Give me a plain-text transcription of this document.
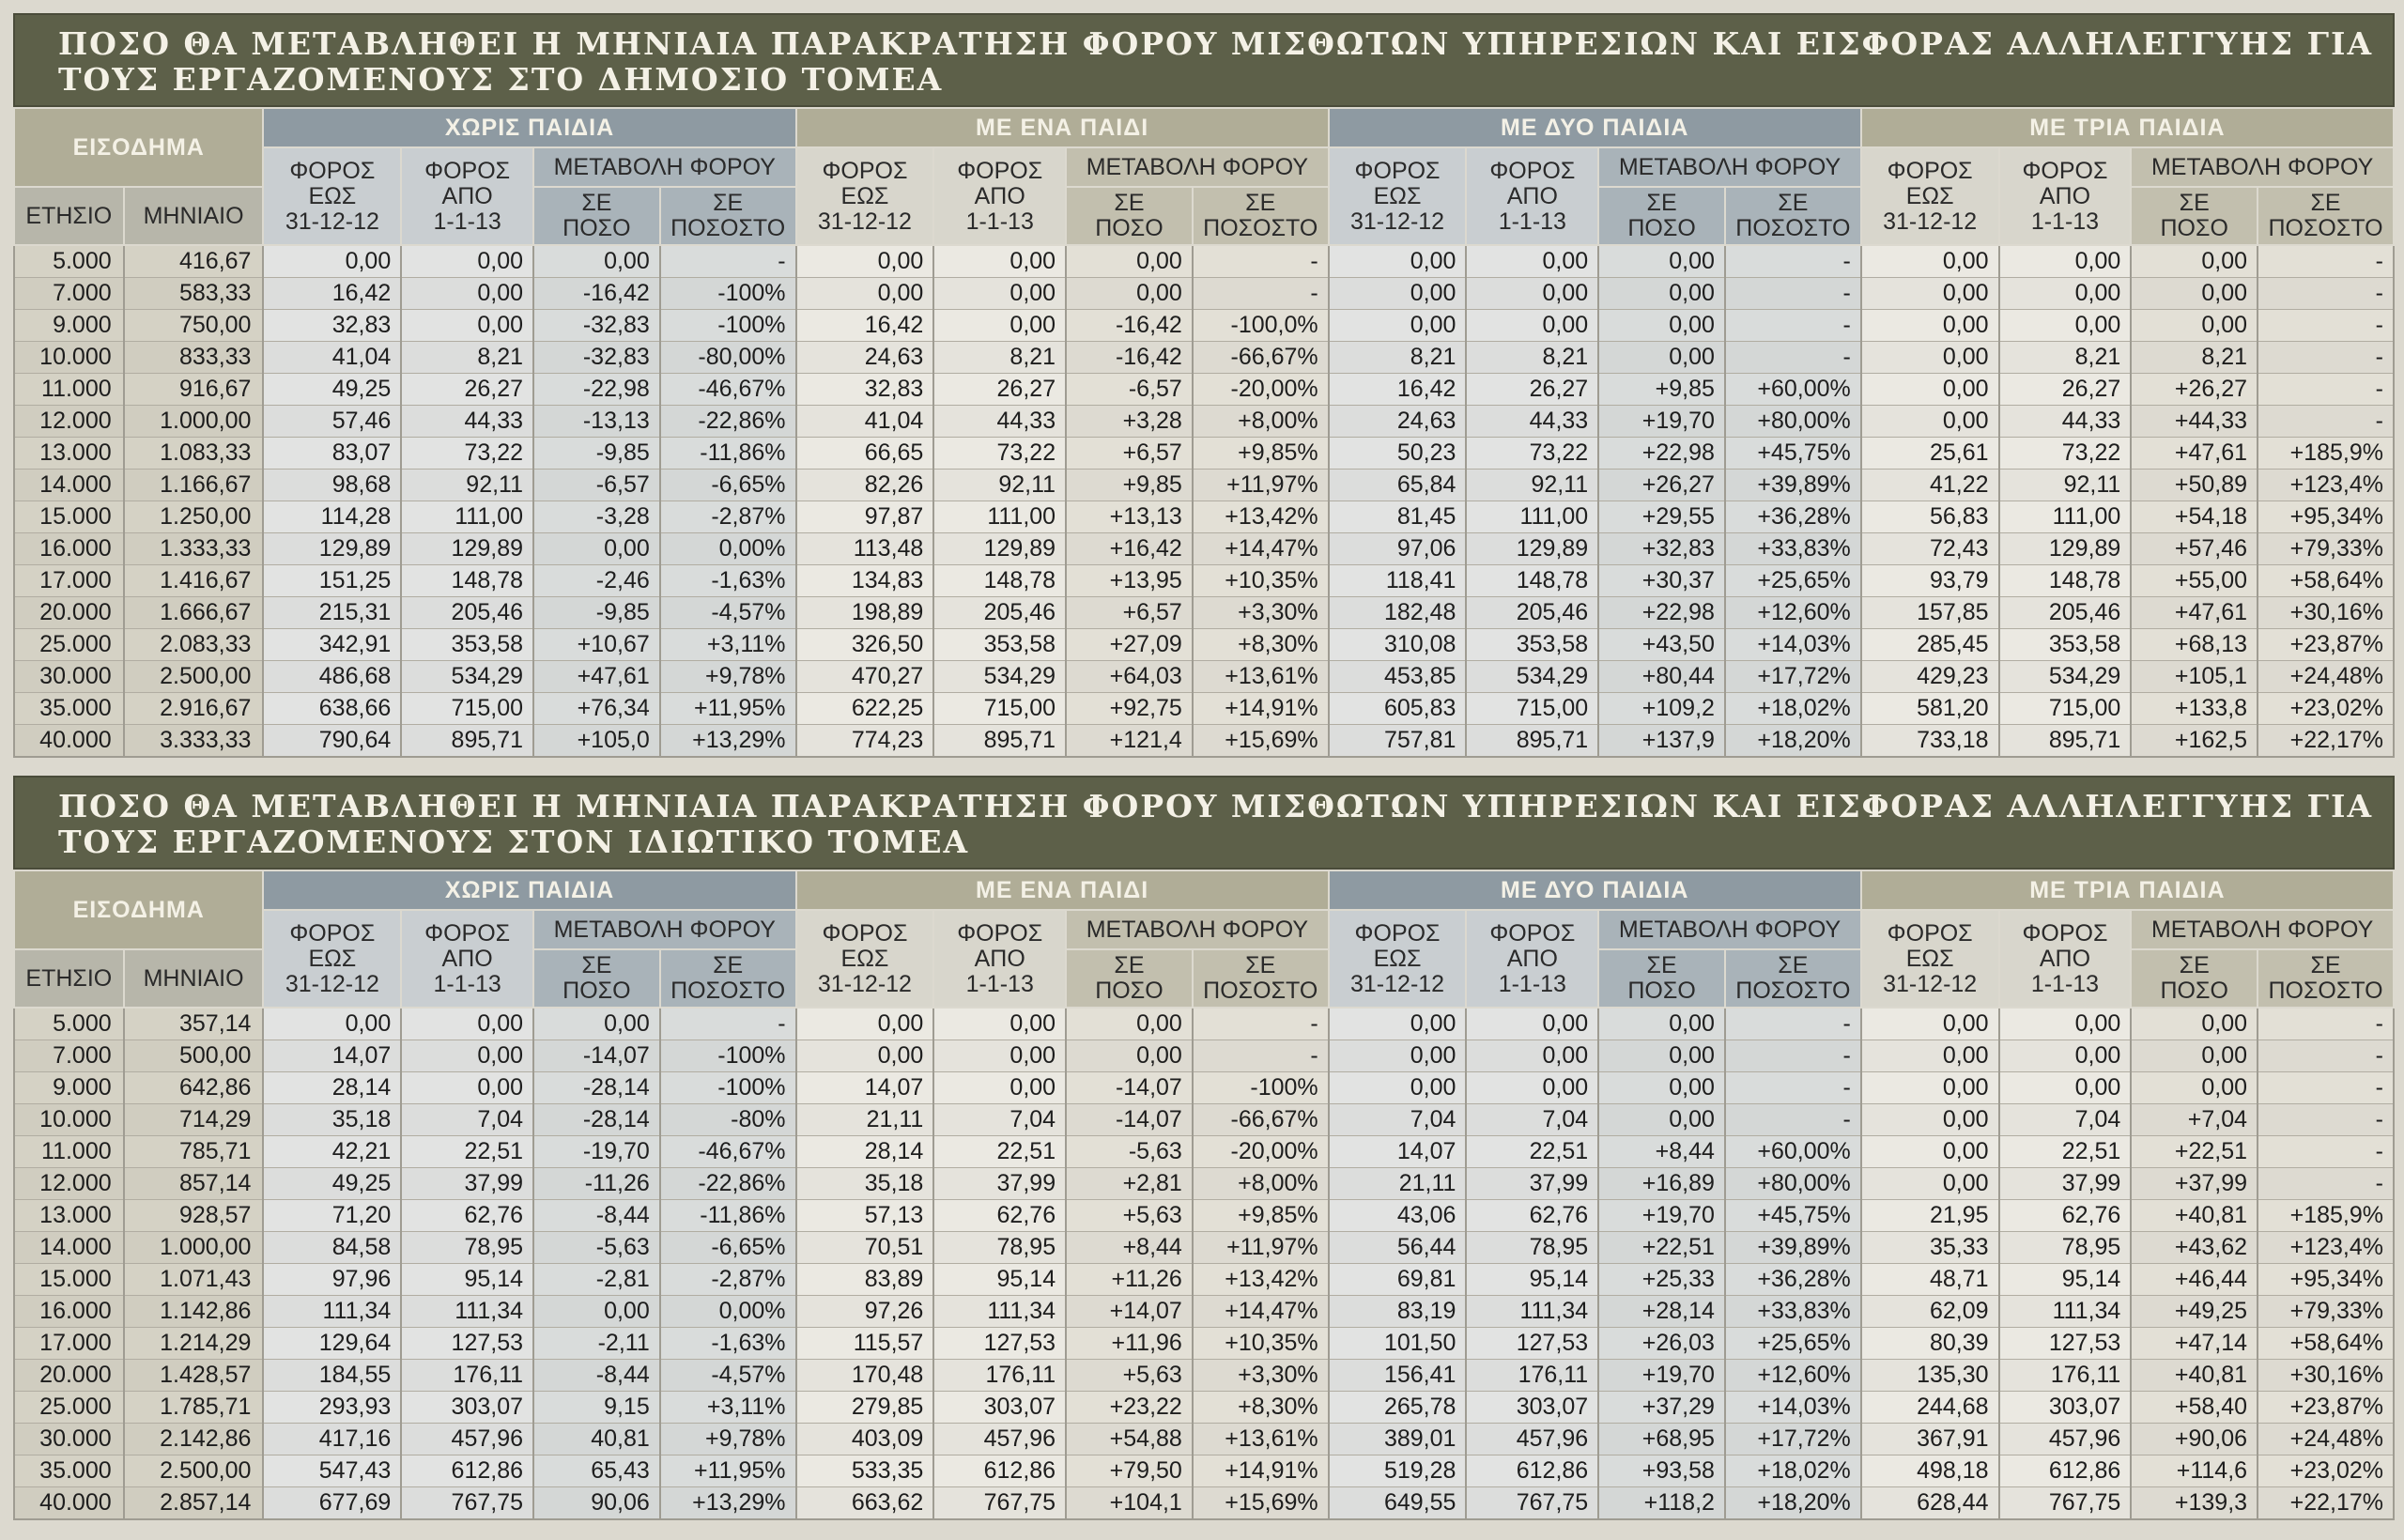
ΠΟΣΟ ΘΑ ΜΕΤΑΒΛΗΘΕΙ Η ΜΗΝΙΑΙΑ ΠΑΡΑΚΡΑΤΗΣΗ ΦΟΡΟΥ ΜΙΣΘΩΤΩΝ ΥΠΗΡΕΣΙΩΝ ΚΑΙ ΕΙΣΦΟΡΑΣ ΑΛΛΗΛΕΓΓΥΗΣ ΓΙΑ ΤΟΥΣ ΕΡΓΑΖΟΜΕΝΟΥΣ ΣΤΟ ΔΗΜΟΣΙΟ ΤΟΜΕΑ
ΕΙΣΟΔΗΜΑ		ΧΩΡΙΣ ΠΑΙΔΙΑ				ΜΕ ΕΝΑ ΠΑΙΔΙ				ΜΕ ΔΥΟ ΠΑΙΔΙΑ				ΜΕ ΤΡΙΑ ΠΑΙΔΙΑ			
		ΦΟΡΟΣ
ΕΩΣ
31-12-12	ΦΟΡΟΣ
ΑΠΟ
1-1-13	ΜΕΤΑΒΟΛΗ ΦΟΡΟΥ		ΦΟΡΟΣ
ΕΩΣ
31-12-12	ΦΟΡΟΣ
ΑΠΟ
1-1-13	ΜΕΤΑΒΟΛΗ ΦΟΡΟΥ		ΦΟΡΟΣ
ΕΩΣ
31-12-12	ΦΟΡΟΣ
ΑΠΟ
1-1-13	ΜΕΤΑΒΟΛΗ ΦΟΡΟΥ		ΦΟΡΟΣ
ΕΩΣ
31-12-12	ΦΟΡΟΣ
ΑΠΟ
1-1-13	ΜΕΤΑΒΟΛΗ ΦΟΡΟΥ	
ΕΤΗΣΙΟ	ΜΗΝΙΑΙΟ			ΣΕ
ΠΟΣΟ	ΣΕ
ΠΟΣΟΣΤΟ			ΣΕ
ΠΟΣΟ	ΣΕ
ΠΟΣΟΣΤΟ			ΣΕ
ΠΟΣΟ	ΣΕ
ΠΟΣΟΣΤΟ			ΣΕ
ΠΟΣΟ	ΣΕ
ΠΟΣΟΣΤΟ
5.000	416,67	0,00	0,00	0,00	-	0,00	0,00	0,00	-	0,00	0,00	0,00	-	0,00	0,00	0,00	-
7.000	583,33	16,42	0,00	-16,42	-100%	0,00	0,00	0,00	-	0,00	0,00	0,00	-	0,00	0,00	0,00	-
9.000	750,00	32,83	0,00	-32,83	-100%	16,42	0,00	-16,42	-100,0%	0,00	0,00	0,00	-	0,00	0,00	0,00	-
10.000	833,33	41,04	8,21	-32,83	-80,00%	24,63	8,21	-16,42	-66,67%	8,21	8,21	0,00	-	0,00	8,21	8,21	-
11.000	916,67	49,25	26,27	-22,98	-46,67%	32,83	26,27	-6,57	-20,00%	16,42	26,27	+9,85	+60,00%	0,00	26,27	+26,27	-
12.000	1.000,00	57,46	44,33	-13,13	-22,86%	41,04	44,33	+3,28	+8,00%	24,63	44,33	+19,70	+80,00%	0,00	44,33	+44,33	-
13.000	1.083,33	83,07	73,22	-9,85	-11,86%	66,65	73,22	+6,57	+9,85%	50,23	73,22	+22,98	+45,75%	25,61	73,22	+47,61	+185,9%
14.000	1.166,67	98,68	92,11	-6,57	-6,65%	82,26	92,11	+9,85	+11,97%	65,84	92,11	+26,27	+39,89%	41,22	92,11	+50,89	+123,4%
15.000	1.250,00	114,28	111,00	-3,28	-2,87%	97,87	111,00	+13,13	+13,42%	81,45	111,00	+29,55	+36,28%	56,83	111,00	+54,18	+95,34%
16.000	1.333,33	129,89	129,89	0,00	0,00%	113,48	129,89	+16,42	+14,47%	97,06	129,89	+32,83	+33,83%	72,43	129,89	+57,46	+79,33%
17.000	1.416,67	151,25	148,78	-2,46	-1,63%	134,83	148,78	+13,95	+10,35%	118,41	148,78	+30,37	+25,65%	93,79	148,78	+55,00	+58,64%
20.000	1.666,67	215,31	205,46	-9,85	-4,57%	198,89	205,46	+6,57	+3,30%	182,48	205,46	+22,98	+12,60%	157,85	205,46	+47,61	+30,16%
25.000	2.083,33	342,91	353,58	+10,67	+3,11%	326,50	353,58	+27,09	+8,30%	310,08	353,58	+43,50	+14,03%	285,45	353,58	+68,13	+23,87%
30.000	2.500,00	486,68	534,29	+47,61	+9,78%	470,27	534,29	+64,03	+13,61%	453,85	534,29	+80,44	+17,72%	429,23	534,29	+105,1	+24,48%
35.000	2.916,67	638,66	715,00	+76,34	+11,95%	622,25	715,00	+92,75	+14,91%	605,83	715,00	+109,2	+18,02%	581,20	715,00	+133,8	+23,02%
40.000	3.333,33	790,64	895,71	+105,0	+13,29%	774,23	895,71	+121,4	+15,69%	757,81	895,71	+137,9	+18,20%	733,18	895,71	+162,5	+22,17%
ΠΟΣΟ ΘΑ ΜΕΤΑΒΛΗΘΕΙ Η ΜΗΝΙΑΙΑ ΠΑΡΑΚΡΑΤΗΣΗ ΦΟΡΟΥ ΜΙΣΘΩΤΩΝ ΥΠΗΡΕΣΙΩΝ ΚΑΙ ΕΙΣΦΟΡΑΣ ΑΛΛΗΛΕΓΓΥΗΣ ΓΙΑ ΤΟΥΣ ΕΡΓΑΖΟΜΕΝΟΥΣ ΣΤΟΝ ΙΔΙΩΤΙΚΟ ΤΟΜΕΑ
ΕΙΣΟΔΗΜΑ		ΧΩΡΙΣ ΠΑΙΔΙΑ				ΜΕ ΕΝΑ ΠΑΙΔΙ				ΜΕ ΔΥΟ ΠΑΙΔΙΑ				ΜΕ ΤΡΙΑ ΠΑΙΔΙΑ			
		ΦΟΡΟΣ
ΕΩΣ
31-12-12	ΦΟΡΟΣ
ΑΠΟ
1-1-13	ΜΕΤΑΒΟΛΗ ΦΟΡΟΥ		ΦΟΡΟΣ
ΕΩΣ
31-12-12	ΦΟΡΟΣ
ΑΠΟ
1-1-13	ΜΕΤΑΒΟΛΗ ΦΟΡΟΥ		ΦΟΡΟΣ
ΕΩΣ
31-12-12	ΦΟΡΟΣ
ΑΠΟ
1-1-13	ΜΕΤΑΒΟΛΗ ΦΟΡΟΥ		ΦΟΡΟΣ
ΕΩΣ
31-12-12	ΦΟΡΟΣ
ΑΠΟ
1-1-13	ΜΕΤΑΒΟΛΗ ΦΟΡΟΥ	
ΕΤΗΣΙΟ	ΜΗΝΙΑΙΟ			ΣΕ
ΠΟΣΟ	ΣΕ
ΠΟΣΟΣΤΟ			ΣΕ
ΠΟΣΟ	ΣΕ
ΠΟΣΟΣΤΟ			ΣΕ
ΠΟΣΟ	ΣΕ
ΠΟΣΟΣΤΟ			ΣΕ
ΠΟΣΟ	ΣΕ
ΠΟΣΟΣΤΟ
5.000	357,14	0,00	0,00	0,00	-	0,00	0,00	0,00	-	0,00	0,00	0,00	-	0,00	0,00	0,00	-
7.000	500,00	14,07	0,00	-14,07	-100%	0,00	0,00	0,00	-	0,00	0,00	0,00	-	0,00	0,00	0,00	-
9.000	642,86	28,14	0,00	-28,14	-100%	14,07	0,00	-14,07	-100%	0,00	0,00	0,00	-	0,00	0,00	0,00	-
10.000	714,29	35,18	7,04	-28,14	-80%	21,11	7,04	-14,07	-66,67%	7,04	7,04	0,00	-	0,00	7,04	+7,04	-
11.000	785,71	42,21	22,51	-19,70	-46,67%	28,14	22,51	-5,63	-20,00%	14,07	22,51	+8,44	+60,00%	0,00	22,51	+22,51	-
12.000	857,14	49,25	37,99	-11,26	-22,86%	35,18	37,99	+2,81	+8,00%	21,11	37,99	+16,89	+80,00%	0,00	37,99	+37,99	-
13.000	928,57	71,20	62,76	-8,44	-11,86%	57,13	62,76	+5,63	+9,85%	43,06	62,76	+19,70	+45,75%	21,95	62,76	+40,81	+185,9%
14.000	1.000,00	84,58	78,95	-5,63	-6,65%	70,51	78,95	+8,44	+11,97%	56,44	78,95	+22,51	+39,89%	35,33	78,95	+43,62	+123,4%
15.000	1.071,43	97,96	95,14	-2,81	-2,87%	83,89	95,14	+11,26	+13,42%	69,81	95,14	+25,33	+36,28%	48,71	95,14	+46,44	+95,34%
16.000	1.142,86	111,34	111,34	0,00	0,00%	97,26	111,34	+14,07	+14,47%	83,19	111,34	+28,14	+33,83%	62,09	111,34	+49,25	+79,33%
17.000	1.214,29	129,64	127,53	-2,11	-1,63%	115,57	127,53	+11,96	+10,35%	101,50	127,53	+26,03	+25,65%	80,39	127,53	+47,14	+58,64%
20.000	1.428,57	184,55	176,11	-8,44	-4,57%	170,48	176,11	+5,63	+3,30%	156,41	176,11	+19,70	+12,60%	135,30	176,11	+40,81	+30,16%
25.000	1.785,71	293,93	303,07	9,15	+3,11%	279,85	303,07	+23,22	+8,30%	265,78	303,07	+37,29	+14,03%	244,68	303,07	+58,40	+23,87%
30.000	2.142,86	417,16	457,96	40,81	+9,78%	403,09	457,96	+54,88	+13,61%	389,01	457,96	+68,95	+17,72%	367,91	457,96	+90,06	+24,48%
35.000	2.500,00	547,43	612,86	65,43	+11,95%	533,35	612,86	+79,50	+14,91%	519,28	612,86	+93,58	+18,02%	498,18	612,86	+114,6	+23,02%
40.000	2.857,14	677,69	767,75	90,06	+13,29%	663,62	767,75	+104,1	+15,69%	649,55	767,75	+118,2	+18,20%	628,44	767,75	+139,3	+22,17%
